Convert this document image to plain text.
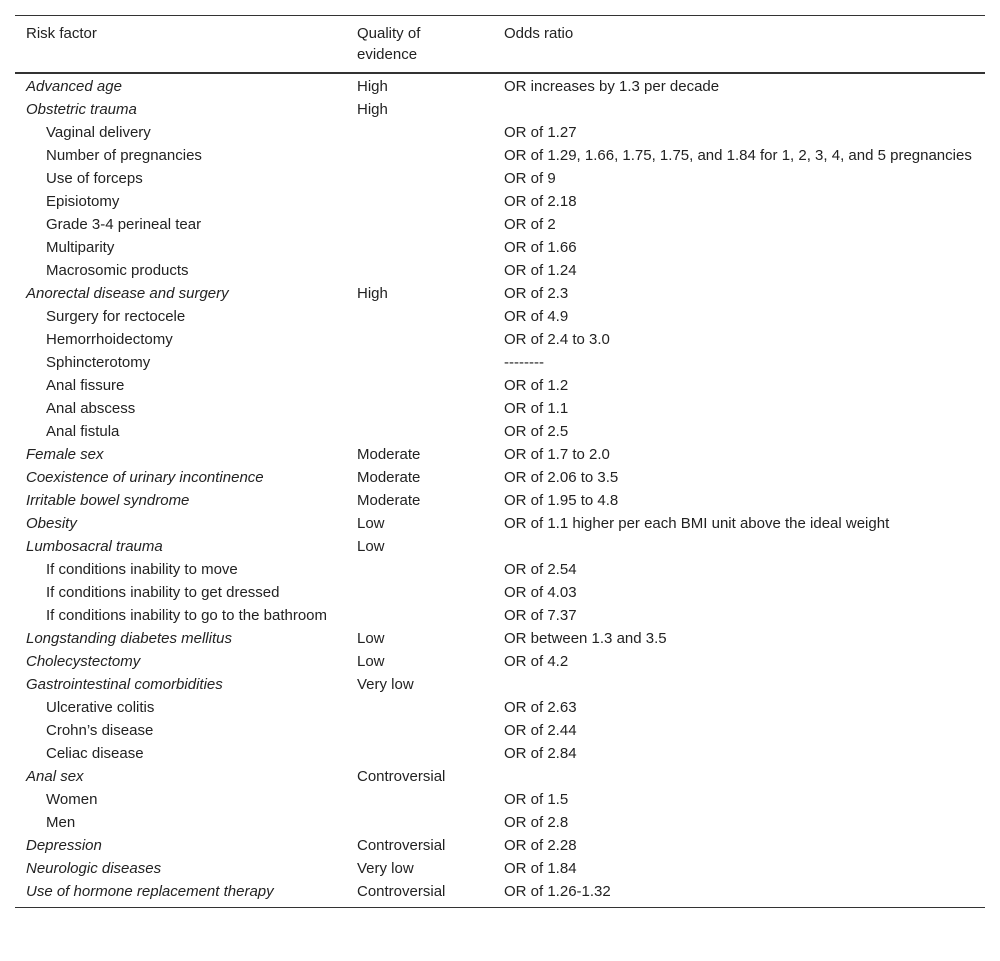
Risk factor	Quality of evidence	Odds ratio
Advanced age	High	OR increases by 1.3 per decade
Obstetric trauma	High	
Vaginal delivery		OR of 1.27
Number of pregnancies		OR of 1.29, 1.66, 1.75, 1.75, and 1.84 for 1, 2, 3, 4, and 5 pregnancies
Use of forceps		OR of 9
Episiotomy		OR of 2.18
Grade 3-4 perineal tear		OR of 2
Multiparity		OR of 1.66
Macrosomic products		OR of 1.24
Anorectal disease and surgery	High	OR of 2.3
Surgery for rectocele		OR of 4.9
Hemorrhoidectomy		OR of 2.4 to 3.0
Sphincterotomy		--------
Anal fissure		OR of 1.2
Anal abscess		OR of 1.1
Anal fistula		OR of 2.5
Female sex	Moderate	OR of 1.7 to 2.0
Coexistence of urinary incontinence	Moderate	OR of 2.06 to 3.5
Irritable bowel syndrome	Moderate	OR of 1.95 to 4.8
Obesity	Low	OR of 1.1 higher per each BMI unit above the ideal weight
Lumbosacral trauma	Low	
If conditions inability to move		OR of 2.54
If conditions inability to get dressed		OR of 4.03
If conditions inability to go to the bathroom		OR of 7.37
Longstanding diabetes mellitus	Low	OR between 1.3 and 3.5
Cholecystectomy	Low	OR of 4.2
Gastrointestinal comorbidities	Very low	
Ulcerative colitis		OR of 2.63
Crohn’s disease		OR of 2.44
Celiac disease		OR of 2.84
Anal sex	Controversial	
Women		OR of 1.5
Men		OR of 2.8
Depression	Controversial	OR of 2.28
Neurologic diseases	Very low	OR of 1.84
Use of hormone replacement therapy	Controversial	OR of 1.26-1.32
